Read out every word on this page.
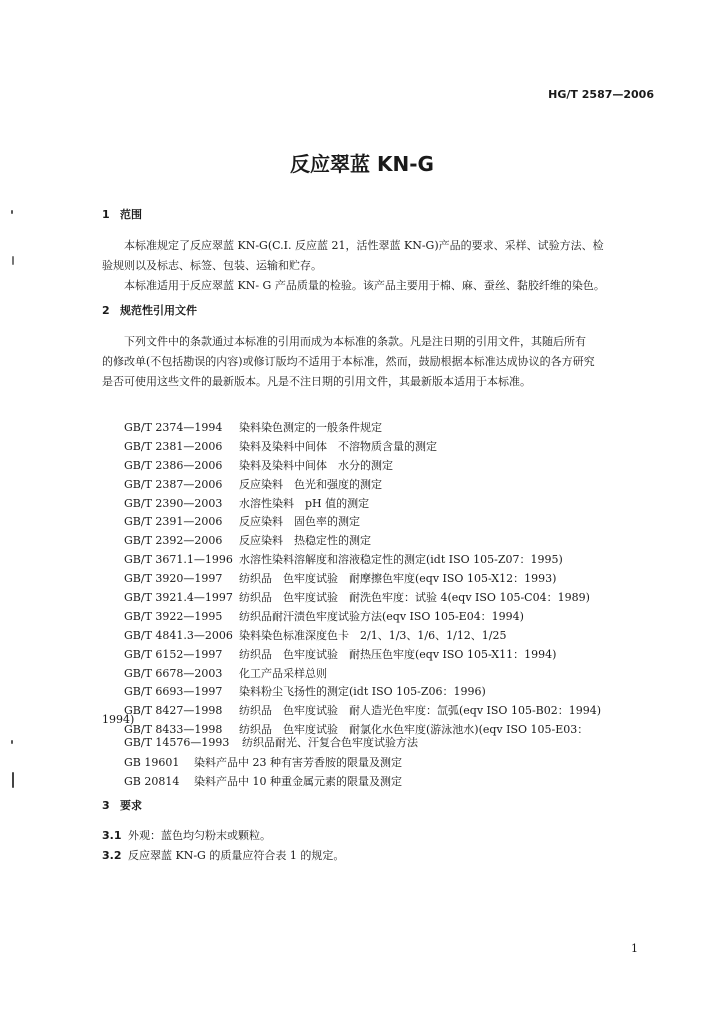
HG/T 2587—2006
反应翠蓝 KN-G
1 范围
本标准规定了反应翠蓝 KN-G(C.I. 反应蓝 21，活性翠蓝 KN-G)产品的要求、采样、试验方法、检
验规则以及标志、标签、包装、运输和贮存。
本标准适用于反应翠蓝 KN- G 产品质量的检验。该产品主要用于棉、麻、蚕丝、黏胶纤维的染色。
2 规范性引用文件
下列文件中的条款通过本标准的引用而成为本标准的条款。凡是注日期的引用文件，其随后所有
的修改单(不包括勘误的内容)或修订版均不适用于本标准，然而，鼓励根据本标准达成协议的各方研究
是否可使用这些文件的最新版本。凡是不注日期的引用文件，其最新版本适用于本标准。
GB/T 2374—1994 染料染色测定的一般条件规定
GB/T 2381—2006 染料及染料中间体　不溶物质含量的测定
GB/T 2386—2006 染料及染料中间体　水分的测定
GB/T 2387—2006 反应染料　色光和强度的测定
GB/T 2390—2003 水溶性染料　pH 值的测定
GB/T 2391—2006 反应染料　固色率的测定
GB/T 2392—2006 反应染料　热稳定性的测定
GB/T 3671.1—1996 水溶性染料溶解度和溶液稳定性的测定(idt ISO 105-Z07：1995)
GB/T 3920—1997 纺织品　色牢度试验　耐摩擦色牢度(eqv ISO 105-X12：1993)
GB/T 3921.4—1997 纺织品　色牢度试验　耐洗色牢度：试验 4(eqv ISO 105-C04：1989)
GB/T 3922—1995 纺织品耐汗渍色牢度试验方法(eqv ISO 105-E04：1994)
GB/T 4841.3—2006 染料染色标准深度色卡　2/1、1/3、1/6、1/12、1/25
GB/T 6152—1997 纺织品　色牢度试验　耐热压色牢度(eqv ISO 105-X11：1994)
GB/T 6678—2003 化工产品采样总则
GB/T 6693—1997 染料粉尘飞扬性的测定(idt ISO 105-Z06：1996)
GB/T 8427—1998 纺织品　色牢度试验　耐人造光色牢度：氙弧(eqv ISO 105-B02：1994)
GB/T 8433—1998 纺织品　色牢度试验　耐氯化水色牢度(游泳池水)(eqv ISO 105-E03：
1994)
GB/T 14576—1993 纺织品耐光、汗复合色牢度试验方法
GB 19601 染料产品中 23 种有害芳香胺的限量及测定
GB 20814 染料产品中 10 种重金属元素的限量及测定
3 要求
3.1 外观：蓝色均匀粉末或颗粒。
3.2 反应翠蓝 KN-G 的质量应符合表 1 的规定。
1
